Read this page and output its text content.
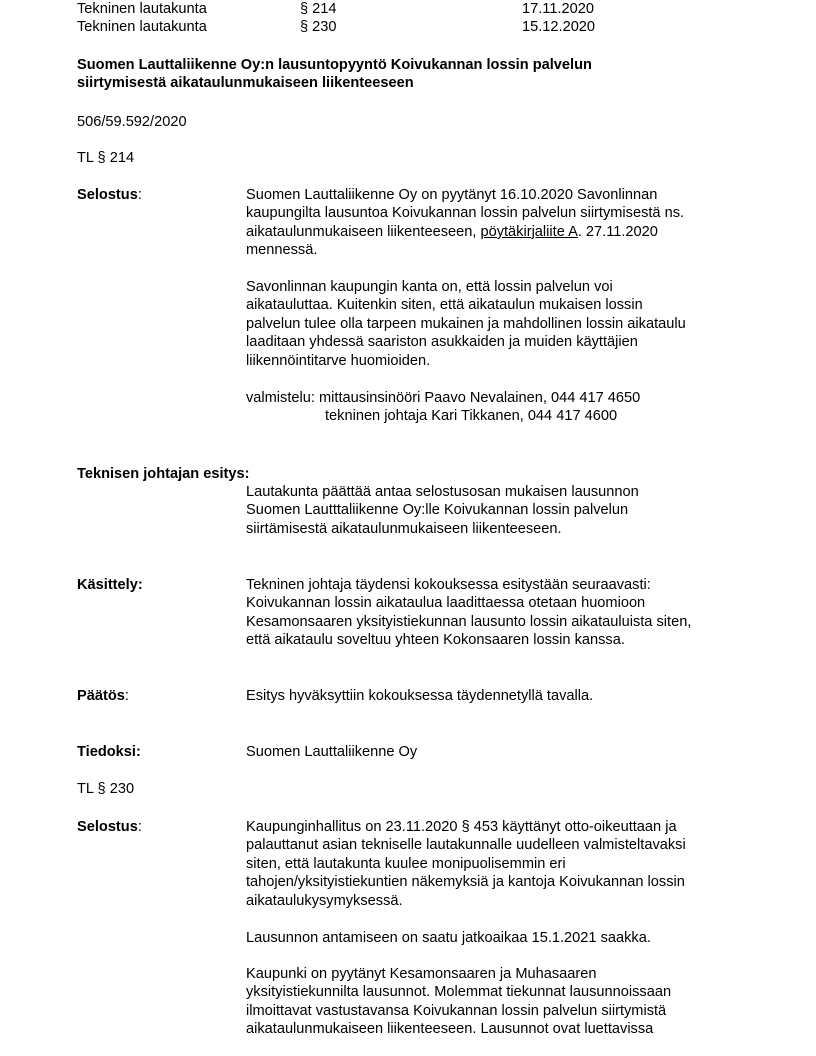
Tekninen lautakunta	§ 214	17.11.2020
Tekninen lautakunta	§ 230	15.12.2020
Suomen Lauttaliikenne Oy:n lausuntopyyntö Koivukannan lossin palvelun
siirtymisestä aikataulunmukaiseen liikenteeseen
506/59.592/2020
TL § 214
Selostus:	Suomen Lauttaliikenne Oy on pyytänyt 16.10.2020 Savonlinnan
kaupungilta lausuntoa Koivukannan lossin palvelun siirtymisestä ns.
aikataulunmukaiseen liikenteeseen, pöytäkirjaliite A. 27.11.2020
mennessä.
Savonlinnan kaupungin kanta on, että lossin palvelun voi
aikatauluttaa. Kuitenkin siten, että aikataulun mukaisen lossin
palvelun tulee olla tarpeen mukainen ja mahdollinen lossin aikataulu
laaditaan yhdessä saariston asukkaiden ja muiden käyttäjien
liikennöintitarve huomioiden.
valmistelu: mittausinsinööri Paavo Nevalainen, 044 417 4650
tekninen johtaja Kari Tikkanen, 044 417 4600
Teknisen johtajan esitys:
Lautakunta päättää antaa selostusosan mukaisen lausunnon
Suomen Lautttaliikenne Oy:lle Koivukannan lossin palvelun
siirtämisestä aikataulunmukaiseen liikenteeseen.
Käsittely:	Tekninen johtaja täydensi kokouksessa esitystään seuraavasti:
Koivukannan lossin aikataulua laadittaessa otetaan huomioon
Kesamonsaaren yksityistiekunnan lausunto lossin aikatauluista siten,
että aikataulu soveltuu yhteen Kokonsaaren lossin kanssa.
Päätös:	Esitys hyväksyttiin kokouksessa täydennetyllä tavalla.
Tiedoksi:	Suomen Lauttaliikenne Oy
TL § 230
Selostus:	Kaupunginhallitus on 23.11.2020 § 453 käyttänyt otto-oikeuttaan ja
palauttanut asian tekniselle lautakunnalle uudelleen valmisteltavaksi
siten, että lautakunta kuulee monipuolisemmin eri
tahojen/yksityistiekuntien näkemyksiä ja kantoja Koivukannan lossin
aikataulukysymyksessä.
Lausunnon antamiseen on saatu jatkoaikaa 15.1.2021 saakka.
Kaupunki on pyytänyt Kesamonsaaren ja Muhasaaren
yksityistiekunnilta lausunnot. Molemmat tiekunnat lausunnoissaan
ilmoittavat vastustavansa Koivukannan lossin palvelun siirtymistä
aikataulunmukaiseen liikenteeseen. Lausunnot ovat luettavissa
